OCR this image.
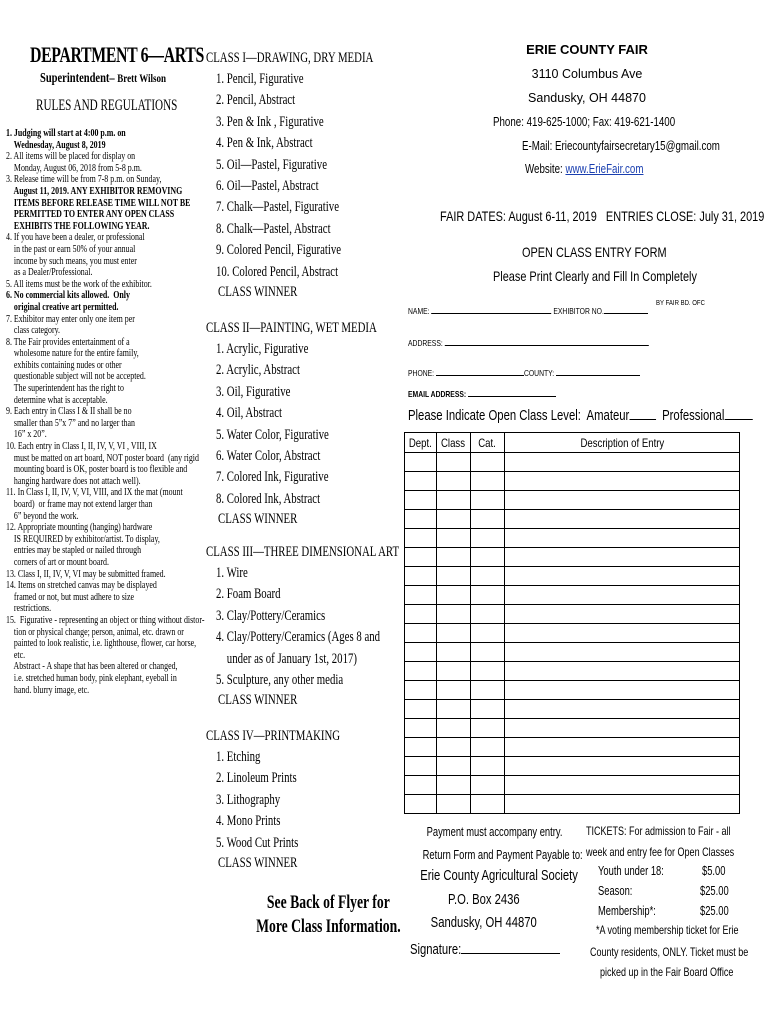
DEPARTMENT 6—ARTS
Superintendent– Brett Wilson
RULES AND REGULATIONS
1. Judging will start at 4:00 p.m. on
Wednesday, August 8, 2019
2. All items will be placed for display on
Monday, August 06, 2018 from 5-8 p.m.
3. Release time will be from 7-8 p.m. on Sunday,
August 11, 2019. ANY EXHIBITOR REMOVING
ITEMS BEFORE RELEASE TIME WILL NOT BE
PERMITTED TO ENTER ANY OPEN CLASS
EXHIBITS THE FOLLOWING YEAR.
4. If you have been a dealer, or professional
in the past or earn 50% of your annual
income by such means, you must enter
as a Dealer/Professional.
5. All items must be the work of the exhibitor.
6. No commercial kits allowed.  Only
original creative art permitted.
7. Exhibitor may enter only one item per
class category.
8. The Fair provides entertainment of a
wholesome nature for the entire family,
exhibits containing nudes or other
questionable subject will not be accepted.
The superintendent has the right to
determine what is acceptable.
9. Each entry in Class I & II shall be no
smaller than 5”x 7” and no larger than
16” x 20”.
10. Each entry in Class I, II, IV, V, VI , VIII, IX
must be matted on art board, NOT poster board  (any rigid
mounting board is OK, poster board is too flexible and
hanging hardware does not attach well).
11. In Class I, II, IV, V, VI, VIII, and IX the mat (mount
board)  or frame may not extend larger than
6” beyond the work.
12. Appropriate mounting (hanging) hardware
IS REQUIRED by exhibitor/artist. To display,
entries may be stapled or nailed through
corners of art or mount board.
13. Class I, II, IV, V, VI may be submitted framed.
14. Items on stretched canvas may be displayed
framed or not, but must adhere to size
restrictions.
15.  Figurative - representing an object or thing without distor-
tion or physical change; person, animal, etc. drawn or
painted to look realistic, i.e. lighthouse, flower, car horse,
etc.
Abstract - A shape that has been altered or changed,
i.e. stretched human body, pink elephant, eyeball in
hand. blurry image, etc.
CLASS I—DRAWING, DRY MEDIA
1. Pencil, Figurative
2. Pencil, Abstract
3. Pen & Ink , Figurative
4. Pen & Ink, Abstract
5. Oil—Pastel, Figurative
6. Oil—Pastel, Abstract
7. Chalk—Pastel, Figurative
8. Chalk—Pastel, Abstract
9. Colored Pencil, Figurative
10. Colored Pencil, Abstract
CLASS WINNER
CLASS II—PAINTING, WET MEDIA
1. Acrylic, Figurative
2. Acrylic, Abstract
3. Oil, Figurative
4. Oil, Abstract
5. Water Color, Figurative
6. Water Color, Abstract
7. Colored Ink, Figurative
8. Colored Ink, Abstract
CLASS WINNER
CLASS III—THREE DIMENSIONAL ART
1. Wire
2. Foam Board
3. Clay/Pottery/Ceramics
4. Clay/Pottery/Ceramics (Ages 8 and
under as of January 1st, 2017)
5. Sculpture, any other media
CLASS WINNER
CLASS IV—PRINTMAKING
1. Etching
2. Linoleum Prints
3. Lithography
4. Mono Prints
5. Wood Cut Prints
CLASS WINNER
See Back of Flyer for
More Class Information.
ERIE COUNTY FAIR
3110 Columbus Ave
Sandusky, OH 44870
Phone: 419-625-1000; Fax: 419-621-1400
E-Mail: Eriecountyfairsecretary15@gmail.com
Website: www.ErieFair.com
FAIR DATES: August 6-11, 2019 ENTRIES CLOSE: July 31, 2019
OPEN CLASS ENTRY FORM
Please Print Clearly and Fill In Completely
NAME:	EXHIBITOR NO.
BY FAIR BD. OFC
ADDRESS:
PHONE:	COUNTY:
EMAIL ADDRESS:
Please Indicate Open Class Level: Amateur Professional
Dept.	Class	Cat.	Description of Entry

Payment must accompany entry.
Return Form and Payment Payable to:
Erie County Agricultural Society
P.O. Box 2436
Sandusky, OH 44870
Signature:
TICKETS: For admission to Fair - all
week and entry fee for Open Classes
Youth under 18:	$5.00
Season:	$25.00
Membership*:	$25.00
*A voting membership ticket for Erie
County residents, ONLY. Ticket must be
picked up in the Fair Board Office
